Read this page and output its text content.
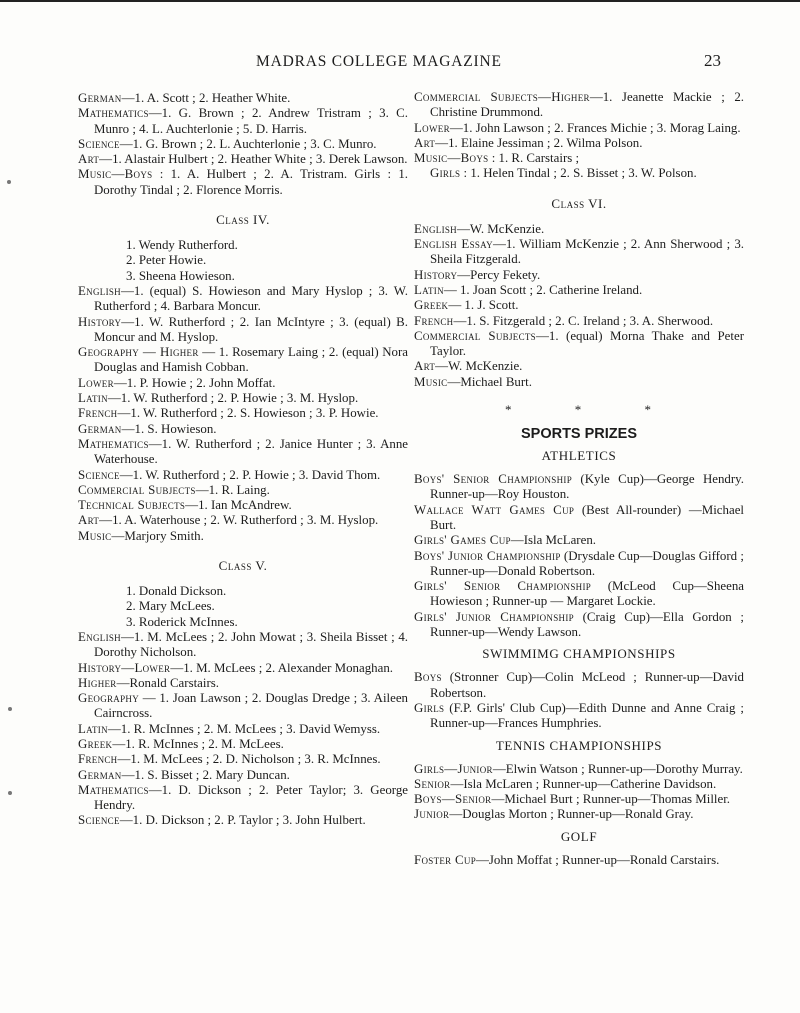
MADRAS COLLEGE MAGAZINE	23

German—1. A. Scott ; 2. Heather White.

Mathematics—1. G. Brown ; 2. Andrew Tristram ; 3. C. Munro ; 4. L. Auchterlonie ; 5. D. Harris.

Science—1. G. Brown ; 2. L. Auchterlonie ; 3. C. Munro.

Art—1. Alastair Hulbert ; 2. Heather White ; 3. Derek Lawson.

Music—Boys : 1. A. Hulbert ; 2. A. Tristram. Girls : 1. Dorothy Tindal ; 2. Florence Morris.

Class IV.

1. Wendy Rutherford.

2. Peter Howie.

3. Sheena Howieson.

English—1. (equal) S. Howieson and Mary Hyslop ; 3. W. Rutherford ; 4. Barbara Moncur.

History—1. W. Rutherford ; 2. Ian McIntyre ; 3. (equal) B. Moncur and M. Hyslop.

Geography — Higher — 1. Rosemary Laing ; 2. (equal) Nora Douglas and Hamish Cobban.

Lower—1. P. Howie ; 2. John Moffat.

Latin—1. W. Rutherford ; 2. P. Howie ; 3. M. Hyslop.

French—1. W. Rutherford ; 2. S. Howieson ; 3. P. Howie.

German—1. S. Howieson.

Mathematics—1. W. Rutherford ; 2. Janice Hunter ; 3. Anne Waterhouse.

Science—1. W. Rutherford ; 2. P. Howie ; 3. David Thom.

Commercial Subjects—1. R. Laing.

Technical Subjects—1. Ian McAndrew.

Art—1. A. Waterhouse ; 2. W. Rutherford ; 3. M. Hyslop.

Music—Marjory Smith.

Class V.

1. Donald Dickson.

2. Mary McLees.

3. Roderick McInnes.

English—1. M. McLees ; 2. John Mowat ; 3. Sheila Bisset ; 4. Dorothy Nicholson.

History—Lower—1. M. McLees ; 2. Alexander Monaghan.

Higher—Ronald Carstairs.

Geography — 1. Joan Lawson ; 2. Douglas Dredge ; 3. Aileen Cairncross.

Latin—1. R. McInnes ; 2. M. McLees ; 3. David Wemyss.

Greek—1. R. McInnes ; 2. M. McLees.

French—1. M. McLees ; 2. D. Nicholson ; 3. R. McInnes.

German—1. S. Bisset ; 2. Mary Duncan.

Mathematics—1. D. Dickson ; 2. Peter Taylor; 3. George Hendry.

Science—1. D. Dickson ; 2. P. Taylor ; 3. John Hulbert.

Commercial Subjects—Higher—1. Jeanette Mackie ; 2. Christine Drummond.

Lower—1. John Lawson ; 2. Frances Michie ; 3. Morag Laing.

Art—1. Elaine Jessiman ; 2. Wilma Polson.

Music—Boys : 1. R. Carstairs ;

Girls : 1. Helen Tindal ; 2. S. Bisset ; 3. W. Polson.

Class VI.

English—W. McKenzie.

English Essay—1. William McKenzie ; 2. Ann Sherwood ; 3. Sheila Fitzgerald.

History—Percy Fekety.

Latin— 1. Joan Scott ; 2. Catherine Ireland.

Greek— 1. J. Scott.

French—1. S. Fitzgerald ; 2. C. Ireland ; 3. A. Sherwood.

Commercial Subjects—1. (equal) Morna Thake and Peter Taylor.

Art—W. McKenzie.

Music—Michael Burt.

* * *
SPORTS PRIZES
ATHLETICS

Boys' Senior Championship (Kyle Cup)—George Hendry. Runner-up—Roy Houston.

Wallace Watt Games Cup (Best All-rounder) —Michael Burt.

Girls' Games Cup—Isla McLaren.

Boys' Junior Championship (Drysdale Cup—Douglas Gifford ; Runner-up—Donald Robertson.

Girls' Senior Championship (McLeod Cup—Sheena Howieson ; Runner-up — Margaret Lockie.

Girls' Junior Championship (Craig Cup)—Ella Gordon ; Runner-up—Wendy Lawson.

SWIMMIMG CHAMPIONSHIPS

Boys (Stronner Cup)—Colin McLeod ; Runner-up—David Robertson.

Girls (F.P. Girls' Club Cup)—Edith Dunne and Anne Craig ; Runner-up—Frances Humphries.

TENNIS CHAMPIONSHIPS

Girls—Junior—Elwin Watson ; Runner-up—Dorothy Murray.

Senior—Isla McLaren ; Runner-up—Catherine Davidson.

Boys—Senior—Michael Burt ; Runner-up—Thomas Miller.

Junior—Douglas Morton ; Runner-up—Ronald Gray.

GOLF

Foster Cup—John Moffat ; Runner-up—Ronald Carstairs.
